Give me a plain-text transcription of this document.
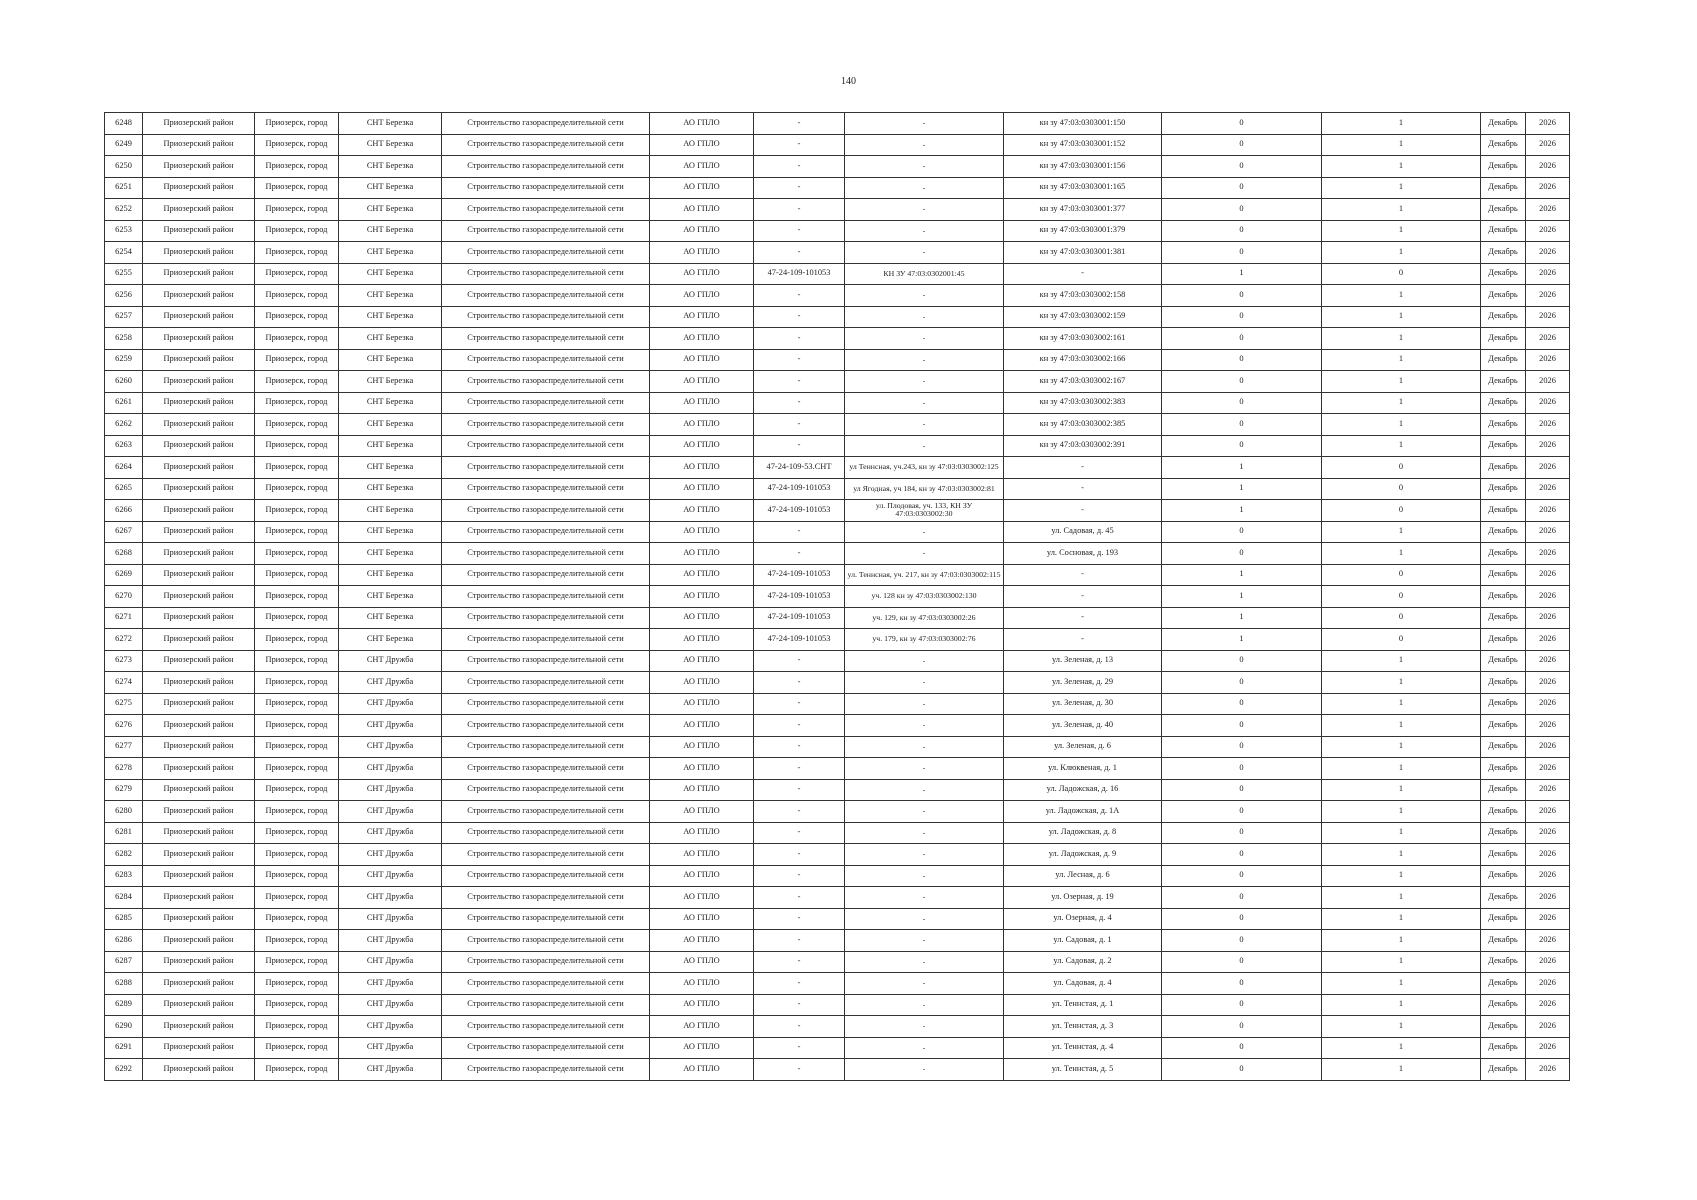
140
6248	Приозерский район	Приозерск, город	СНТ Березка	Строительство газораспределительной сети	АО ГПЛО	-	-	кн зу 47:03:0303001:150	0	1	Декабрь	2026
6249	Приозерский район	Приозерск, город	СНТ Березка	Строительство газораспределительной сети	АО ГПЛО	-	-	кн зу 47:03:0303001:152	0	1	Декабрь	2026
6250	Приозерский район	Приозерск, город	СНТ Березка	Строительство газораспределительной сети	АО ГПЛО	-	-	кн зу 47:03:0303001:156	0	1	Декабрь	2026
6251	Приозерский район	Приозерск, город	СНТ Березка	Строительство газораспределительной сети	АО ГПЛО	-	-	кн зу 47:03:0303001:165	0	1	Декабрь	2026
6252	Приозерский район	Приозерск, город	СНТ Березка	Строительство газораспределительной сети	АО ГПЛО	-	-	кн зу 47:03:0303001:377	0	1	Декабрь	2026
6253	Приозерский район	Приозерск, город	СНТ Березка	Строительство газораспределительной сети	АО ГПЛО	-	-	кн зу 47:03:0303001:379	0	1	Декабрь	2026
6254	Приозерский район	Приозерск, город	СНТ Березка	Строительство газораспределительной сети	АО ГПЛО	-	-	кн зу 47:03:0303001:381	0	1	Декабрь	2026
6255	Приозерский район	Приозерск, город	СНТ Березка	Строительство газораспределительной сети	АО ГПЛО	47-24-109-101053	КН ЗУ 47:03:0302001:45	-	1	0	Декабрь	2026
6256	Приозерский район	Приозерск, город	СНТ Березка	Строительство газораспределительной сети	АО ГПЛО	-	-	кн зу 47:03:0303002:158	0	1	Декабрь	2026
6257	Приозерский район	Приозерск, город	СНТ Березка	Строительство газораспределительной сети	АО ГПЛО	-	-	кн зу 47:03:0303002:159	0	1	Декабрь	2026
6258	Приозерский район	Приозерск, город	СНТ Березка	Строительство газораспределительной сети	АО ГПЛО	-	-	кн зу 47:03:0303002:161	0	1	Декабрь	2026
6259	Приозерский район	Приозерск, город	СНТ Березка	Строительство газораспределительной сети	АО ГПЛО	-	-	кн зу 47:03:0303002:166	0	1	Декабрь	2026
6260	Приозерский район	Приозерск, город	СНТ Березка	Строительство газораспределительной сети	АО ГПЛО	-	-	кн зу 47:03:0303002:167	0	1	Декабрь	2026
6261	Приозерский район	Приозерск, город	СНТ Березка	Строительство газораспределительной сети	АО ГПЛО	-	-	кн зу 47:03:0303002:383	0	1	Декабрь	2026
6262	Приозерский район	Приозерск, город	СНТ Березка	Строительство газораспределительной сети	АО ГПЛО	-	-	кн зу 47:03:0303002:385	0	1	Декабрь	2026
6263	Приозерский район	Приозерск, город	СНТ Березка	Строительство газораспределительной сети	АО ГПЛО	-	-	кн зу 47:03:0303002:391	0	1	Декабрь	2026
6264	Приозерский район	Приозерск, город	СНТ Березка	Строительство газораспределительной сети	АО ГПЛО	47-24-109-53.СНТ	ул Теннсная, уч.243, кн зу 47:03:0303002:125	-	1	0	Декабрь	2026
6265	Приозерский район	Приозерск, город	СНТ Березка	Строительство газораспределительной сети	АО ГПЛО	47-24-109-101053	ул Ягодная, уч 184, кн зу 47:03:0303002:81	-	1	0	Декабрь	2026
6266	Приозерский район	Приозерск, город	СНТ Березка	Строительство газораспределительной сети	АО ГПЛО	47-24-109-101053	ул. Плодовая, уч. 133, КН ЗУ 47:03:0303002:30	-	1	0	Декабрь	2026
6267	Приозерский район	Приозерск, город	СНТ Березка	Строительство газораспределительной сети	АО ГПЛО	-	-	ул. Садовая, д. 45	0	1	Декабрь	2026
6268	Приозерский район	Приозерск, город	СНТ Березка	Строительство газораспределительной сети	АО ГПЛО	-	-	ул. Сосновая, д. 193	0	1	Декабрь	2026
6269	Приозерский район	Приозерск, город	СНТ Березка	Строительство газораспределительной сети	АО ГПЛО	47-24-109-101053	ул. Теннсная, уч. 217, кн зу 47:03:0303002:115	-	1	0	Декабрь	2026
6270	Приозерский район	Приозерск, город	СНТ Березка	Строительство газораспределительной сети	АО ГПЛО	47-24-109-101053	уч. 128 кн зу 47:03:0303002:130	-	1	0	Декабрь	2026
6271	Приозерский район	Приозерск, город	СНТ Березка	Строительство газораспределительной сети	АО ГПЛО	47-24-109-101053	уч. 129, кн зу 47:03:0303002:26	-	1	0	Декабрь	2026
6272	Приозерский район	Приозерск, город	СНТ Березка	Строительство газораспределительной сети	АО ГПЛО	47-24-109-101053	уч. 179, кн зу 47:03:0303002:76	-	1	0	Декабрь	2026
6273	Приозерский район	Приозерск, город	СНТ Дружба	Строительство газораспределительной сети	АО ГПЛО	-	-	ул. Зеленая, д. 13	0	1	Декабрь	2026
6274	Приозерский район	Приозерск, город	СНТ Дружба	Строительство газораспределительной сети	АО ГПЛО	-	-	ул. Зеленая, д. 29	0	1	Декабрь	2026
6275	Приозерский район	Приозерск, город	СНТ Дружба	Строительство газораспределительной сети	АО ГПЛО	-	-	ул. Зеленая, д. 30	0	1	Декабрь	2026
6276	Приозерский район	Приозерск, город	СНТ Дружба	Строительство газораспределительной сети	АО ГПЛО	-	-	ул. Зеленая, д. 40	0	1	Декабрь	2026
6277	Приозерский район	Приозерск, город	СНТ Дружба	Строительство газораспределительной сети	АО ГПЛО	-	-	ул. Зеленая, д. 6	0	1	Декабрь	2026
6278	Приозерский район	Приозерск, город	СНТ Дружба	Строительство газораспределительной сети	АО ГПЛО	-	-	ул. Клюквеная, д. 1	0	1	Декабрь	2026
6279	Приозерский район	Приозерск, город	СНТ Дружба	Строительство газораспределительной сети	АО ГПЛО	-	-	ул. Ладожская, д. 16	0	1	Декабрь	2026
6280	Приозерский район	Приозерск, город	СНТ Дружба	Строительство газораспределительной сети	АО ГПЛО	-	-	ул. Ладожская, д. 1А	0	1	Декабрь	2026
6281	Приозерский район	Приозерск, город	СНТ Дружба	Строительство газораспределительной сети	АО ГПЛО	-	-	ул. Ладожская, д. 8	0	1	Декабрь	2026
6282	Приозерский район	Приозерск, город	СНТ Дружба	Строительство газораспределительной сети	АО ГПЛО	-	-	ул. Ладожская, д. 9	0	1	Декабрь	2026
6283	Приозерский район	Приозерск, город	СНТ Дружба	Строительство газораспределительной сети	АО ГПЛО	-	-	ул. Лесная, д. 6	0	1	Декабрь	2026
6284	Приозерский район	Приозерск, город	СНТ Дружба	Строительство газораспределительной сети	АО ГПЛО	-	-	ул. Озерная, д. 19	0	1	Декабрь	2026
6285	Приозерский район	Приозерск, город	СНТ Дружба	Строительство газораспределительной сети	АО ГПЛО	-	-	ул. Озерная, д. 4	0	1	Декабрь	2026
6286	Приозерский район	Приозерск, город	СНТ Дружба	Строительство газораспределительной сети	АО ГПЛО	-	-	ул. Садовая, д. 1	0	1	Декабрь	2026
6287	Приозерский район	Приозерск, город	СНТ Дружба	Строительство газораспределительной сети	АО ГПЛО	-	-	ул. Садовая, д. 2	0	1	Декабрь	2026
6288	Приозерский район	Приозерск, город	СНТ Дружба	Строительство газораспределительной сети	АО ГПЛО	-	-	ул. Садовая, д. 4	0	1	Декабрь	2026
6289	Приозерский район	Приозерск, город	СНТ Дружба	Строительство газораспределительной сети	АО ГПЛО	-	-	ул. Теннстая, д. 1	0	1	Декабрь	2026
6290	Приозерский район	Приозерск, город	СНТ Дружба	Строительство газораспределительной сети	АО ГПЛО	-	-	ул. Теннстая, д. 3	0	1	Декабрь	2026
6291	Приозерский район	Приозерск, город	СНТ Дружба	Строительство газораспределительной сети	АО ГПЛО	-	-	ул. Теннстая, д. 4	0	1	Декабрь	2026
6292	Приозерский район	Приозерск, город	СНТ Дружба	Строительство газораспределительной сети	АО ГПЛО	-	-	ул. Теннстая, д. 5	0	1	Декабрь	2026
